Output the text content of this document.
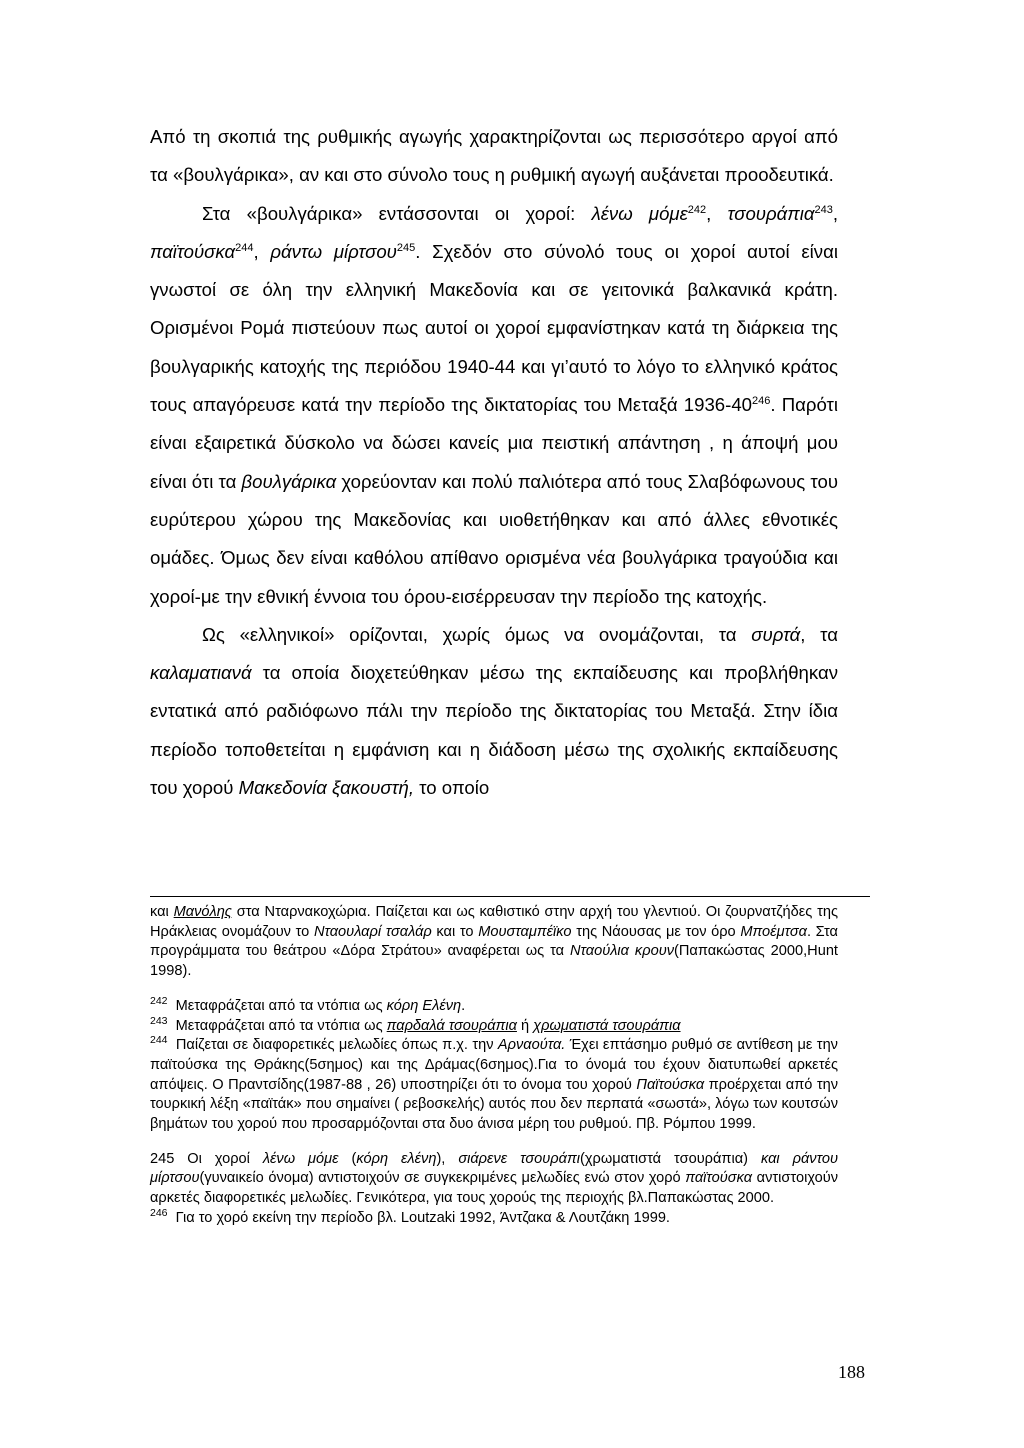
Από τη σκοπιά της ρυθμικής αγωγής χαρακτηρίζονται ως περισσότερο αργοί από τα «βουλγάρικα», αν και στο σύνολο τους η ρυθμική αγωγή αυξάνεται προοδευτικά.

Στα «βουλγάρικα» εντάσσονται οι χοροί: λένω μόμε$^{242}$, τσουράπια$^{243}$, παϊτούσκα$^{244}$, ράντω μίρτσου$^{245}$. Σχεδόν στο σύνολό τους οι χοροί αυτοί είναι γνωστοί σε όλη την ελληνική Μακεδονία και σε γειτονικά βαλκανικά κράτη. Ορισμένοι Ρομά πιστεύουν πως αυτοί οι χοροί εμφανίστηκαν κατά τη διάρκεια της βουλγαρικής κατοχής της περιόδου 1940-44 και γι’αυτό το λόγο το ελληνικό κράτος τους απαγόρευσε κατά την περίοδο της δικτατορίας του Μεταξά $1936-40^{246}$. Παρότι είναι εξαιρετικά δύσκολο να δώσει κανείς μια πειστική απάντηση , η άποψή μου είναι ότι τα βουλγάρικα χορεύονταν και πολύ παλιότερα από τους Σλαβόφωνους του ευρύτερου χώρου της Μακεδονίας και υιοθετήθηκαν και από άλλες εθνοτικές ομάδες. Όμως δεν είναι καθόλου απίθανο ορισμένα νέα βουλγάρικα τραγούδια και χοροί-με την εθνική έννοια του όρου-εισέρρευσαν την περίοδο της κατοχής.

Ως «ελληνικοί» ορίζονται, χωρίς όμως να ονομάζονται, τα συρτά, τα καλαματιανά τα οποία διοχετεύθηκαν μέσω της εκπαίδευσης και προβλήθηκαν εντατικά από ραδιόφωνο πάλι την περίοδο της δικτατορίας του Μεταξά. Στην ίδια περίοδο τοποθετείται η εμφάνιση και η διάδοση μέσω της σχολικής εκπαίδευσης του χορού Μακεδονία ξακουστή, το οποίο

και Μανόλης στα Νταρνακοχώρια. Παίζεται και ως καθιστικό στην αρχή του γλεντιού. Οι ζουρνατζήδες της Ηράκλειας ονομάζουν το Νταουλαρί τσαλάρ και το Μουσταμπέϊκο της Νάουσας με τον όρο Μποέμτσα. Στα προγράμματα του θεάτρου «Δόρα Στράτου» αναφέρεται ως τα Νταούλια κρουν(Παπακώστας 2000,Hunt 1998).

$^{242}$ Μεταφράζεται από τα ντόπια ως κόρη Ελένη.

$^{243}$ Μεταφράζεται από τα ντόπια ως παρδαλά τσουράπια ή χρωματιστά τσουράπια

$^{244}$ Παίζεται σε διαφορετικές μελωδίες όπως π.χ. την Αρναούτα. Έχει επτάσημο ρυθμό σε αντίθεση με την παϊτούσκα της Θράκης(5σημος) και της Δράμας(6σημος).Για το όνομά του έχουν διατυπωθεί αρκετές απόψεις. Ο Πραντσίδης(1987-88 , 26) υποστηρίζει ότι το όνομα του χορού Παϊτούσκα προέρχεται από την τουρκική λέξη «παϊτάκ» που σημαίνει ( ρεβοσκελής) αυτός που δεν περπατά «σωστά», λόγω των κουτσών βημάτων του χορού που προσαρμόζονται στα δυο άνισα μέρη του ρυθμού. Πβ. Ρόμπου 1999.

245 Οι χοροί λένω μόμε (κόρη ελένη), σιάρενε τσουράπι(χρωματιστά τσουράπια) και ράντου μίρτσου(γυναικείο όνομα) αντιστοιχούν σε συγκεκριμένες μελωδίες ενώ στον χορό παϊτούσκα αντιστοιχούν αρκετές διαφορετικές μελωδίες. Γενικότερα, για τους χορούς της περιοχής βλ.Παπακώστας 2000.

$^{246}$ Για το χορό εκείνη την περίοδο βλ. Loutzaki 1992, Άντζακα & Λουτζάκη 1999.

188
